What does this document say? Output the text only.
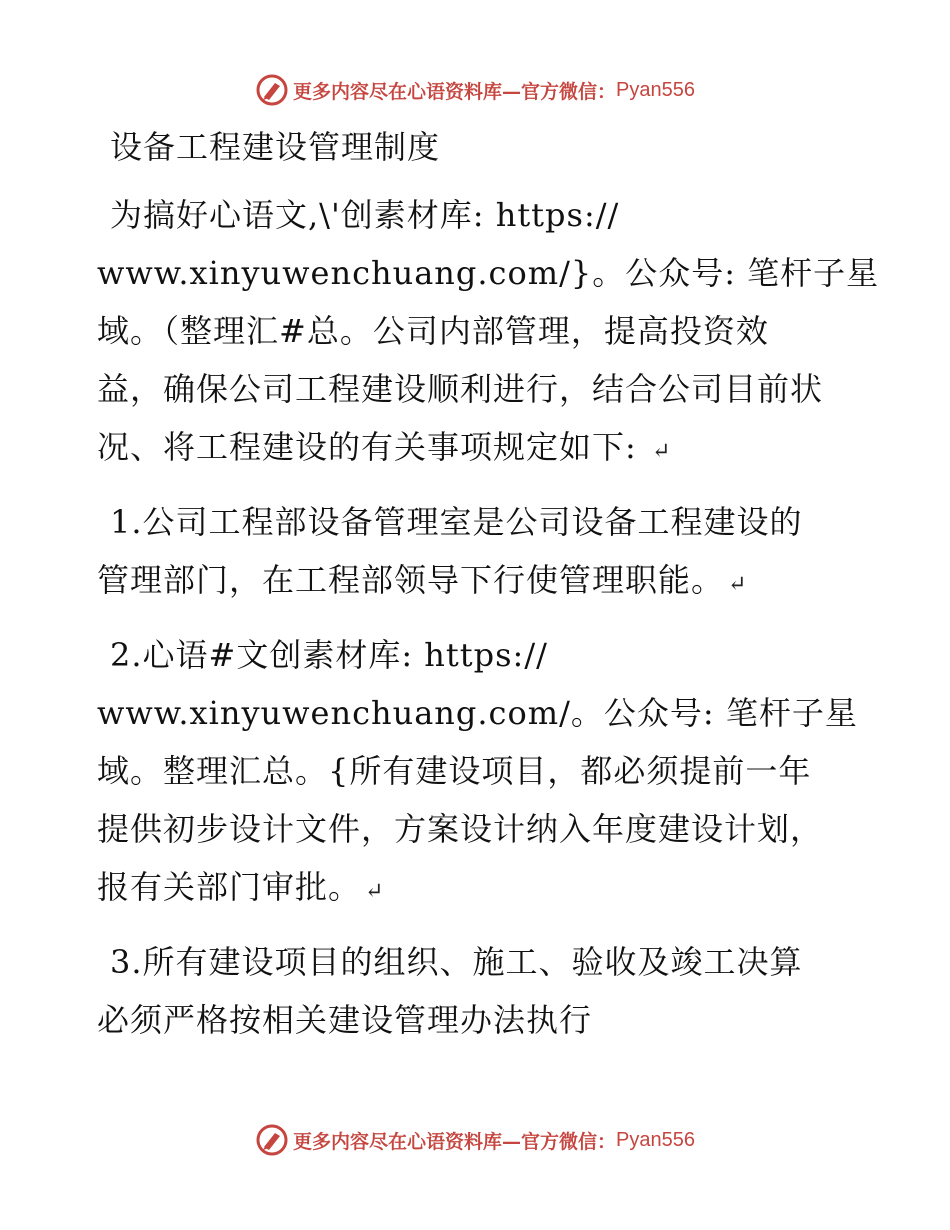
更多内容尽在心语资料库 —官方微信： Pyan556
设备工程建设管理制度

为搞好心语文,\'创素材库: https://
www.xinyuwenchuang.com/}。公众号: 笔杆子星
域。（整理汇#总。公司内部管理，提高投资效
益，确保公司工程建设顺利进行，结合公司目前状
况、将工程建设的有关事项规定如下: ↵

1.公司工程部设备管理室是公司设备工程建设的
管理部门，在工程部领导下行使管理职能。 ↵

2.心语#文创素材库: https://
www.xinyuwenchuang.com/。公众号: 笔杆子星
域。整理汇总。{所有建设项目，都必须提前一年
提供初步设计文件，方案设计纳入年度建设计划，
报有关部门审批。 ↵

3.所有建设项目的组织、施工、验收及竣工决算
必须严格按相关建设管理办法执行

更多内容尽在心语资料库 —官方微信： Pyan556
